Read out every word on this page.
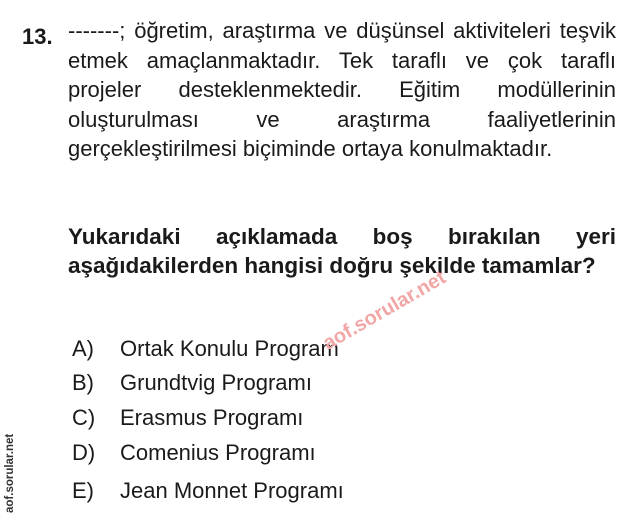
13. -------; öğretim, araştırma ve düşünsel aktiviteleri teşvik etmek amaçlanmaktadır. Tek taraflı ve çok taraflı projeler desteklenmektedir. Eğitim modüllerinin oluşturulması ve araştırma faaliyetlerinin gerçekleştirilmesi biçiminde ortaya konulmaktadır.
Yukarıdaki açıklamada boş bırakılan yeri aşağıdakilerden hangisi doğru şekilde tamamlar?
A) Ortak Konulu Program
B) Grundtvig Programı
C) Erasmus Programı
D) Comenius Programı
E) Jean Monnet Programı
aof.sorular.net
aof.sorular.net
